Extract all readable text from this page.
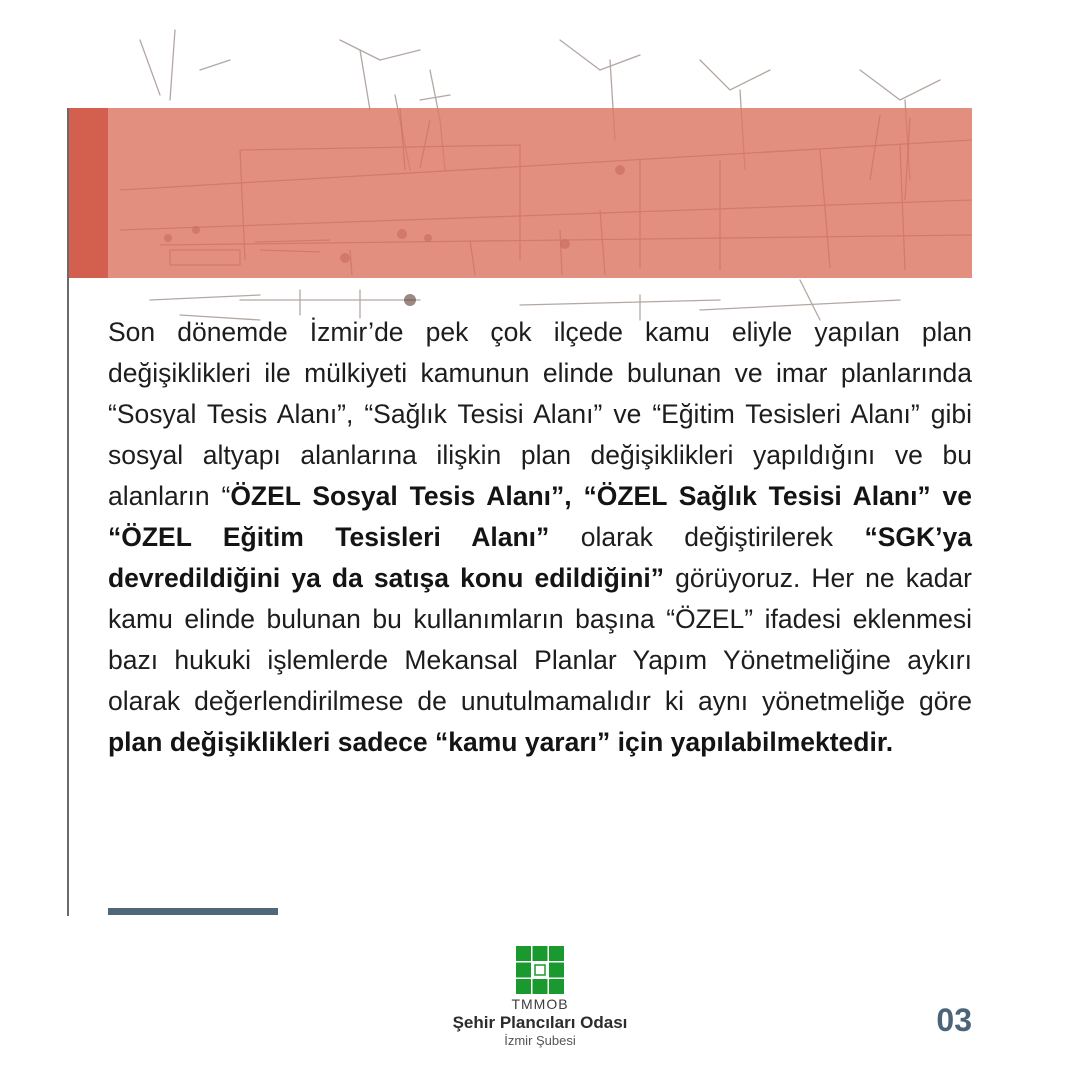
Son dönemde İzmir’de pek çok ilçede kamu eliyle yapılan plan değişiklikleri ile mülkiyeti kamunun elinde bulunan ve imar planlarında “Sosyal Tesis Alanı”, “Sağlık Tesisi Alanı” ve “Eğitim Tesisleri Alanı” gibi sosyal altyapı alanlarına ilişkin plan değişiklikleri yapıldığını ve bu alanların “ÖZEL Sosyal Tesis Alanı”, “ÖZEL Sağlık Tesisi Alanı” ve “ÖZEL Eğitim Tesisleri Alanı” olarak değiştirilerek “SGK’ya devredildiğini ya da satışa konu edildiğini” görüyoruz. Her ne kadar kamu elinde bulunan bu kullanımların başına “ÖZEL” ifadesi eklenmesi bazı hukuki işlemlerde Mekansal Planlar Yapım Yönetmeliğine aykırı olarak değerlendirilmese de unutulmamalıdır ki aynı yönetmeliğe göre plan değişiklikleri sadece “kamu yararı” için yapılabilmektedir.

TMMOB
Şehir Plancıları Odası
İzmir Şubesi
03
